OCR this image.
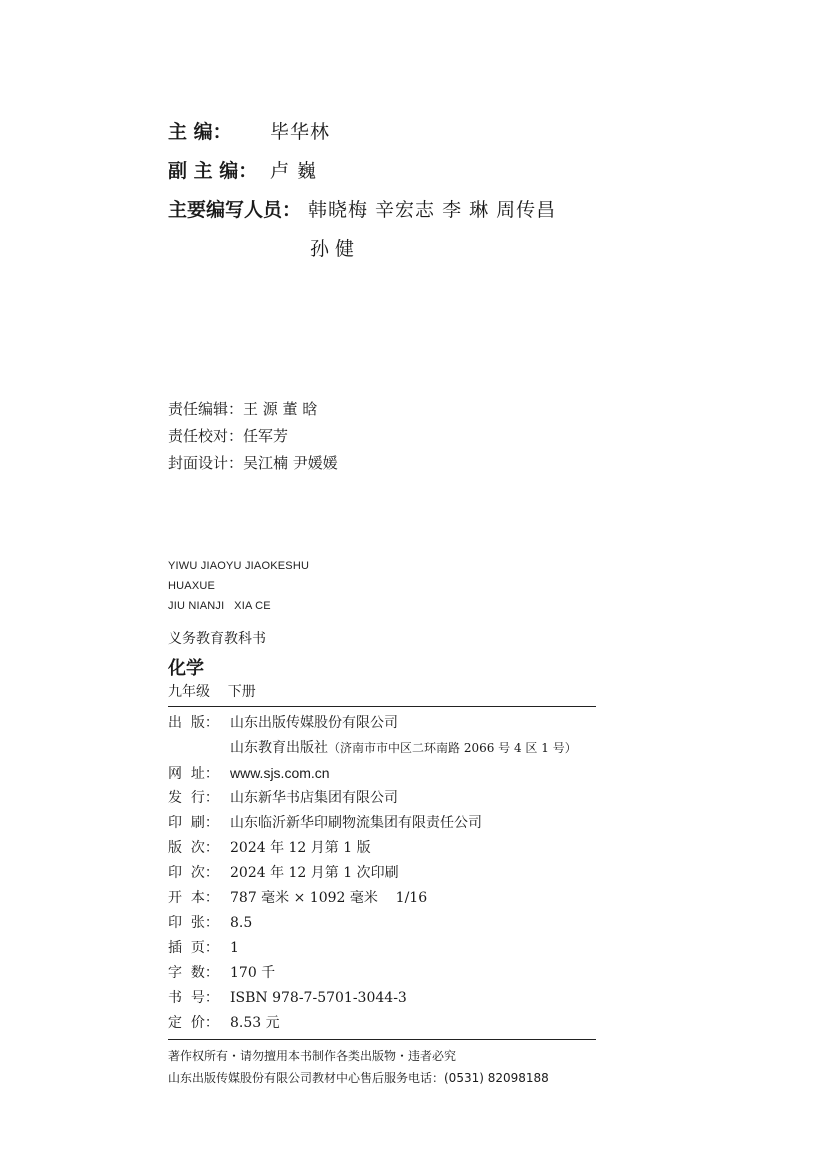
主 编： 毕华林
副 主 编： 卢 巍
主要编写人员： 韩晓梅 辛宏志 李 琳 周传昌
孙 健
责任编辑：王 源 董 晗
责任校对：任军芳
封面设计：吴江楠 尹媛媛
YIWU JIAOYU JIAOKESHU
HUAXUE
JIU NIANJI   XIA CE
义务教育教科书
化学
九年级    下册
出  版： 山东出版传媒股份有限公司
山东教育出版社（济南市市中区二环南路 2066 号 4 区 1 号）
网  址： www.sjs.com.cn
发  行： 山东新华书店集团有限公司
印  刷： 山东临沂新华印刷物流集团有限责任公司
版  次： 2024 年 12 月第 1 版
印  次： 2024 年 12 月第 1 次印刷
开  本： 787 毫米 × 1092 毫米    1/16
印  张： 8.5
插  页： 1
字  数： 170 千
书  号： ISBN 978-7-5701-3044-3
定  价： 8.53 元
著作权所有・请勿擅用本书制作各类出版物・违者必究
山东出版传媒股份有限公司教材中心售后服务电话：(0531) 82098188
